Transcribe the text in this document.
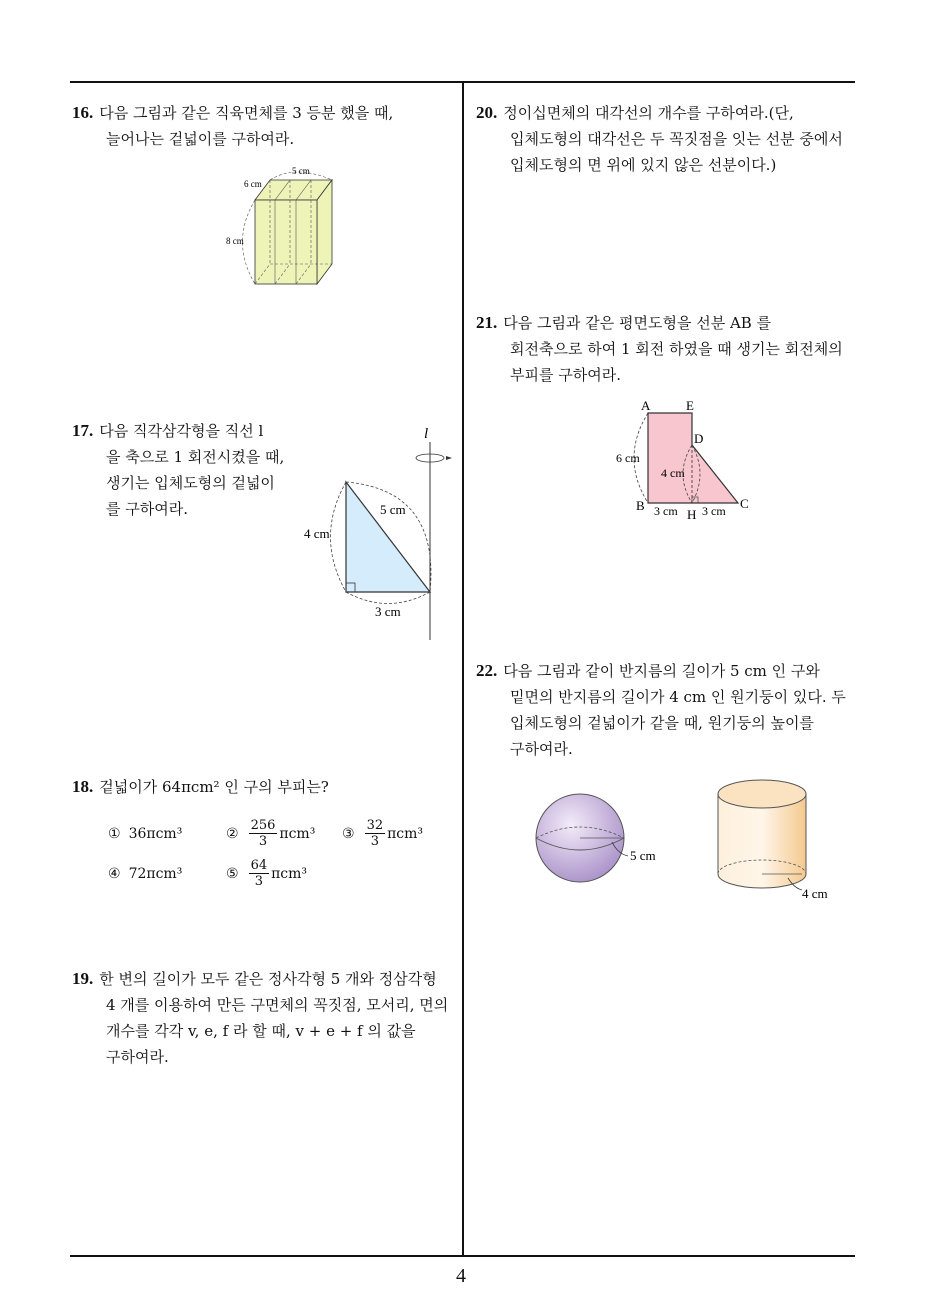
4
16. 다음 그림과 같은 직육면체를 3 등분 했을 때,
늘어나는 겉넓이를 구하여라.
5 cm
6 cm
8 cm
17. 다음 직각삼각형을 직선 l
을 축으로 1 회전시켰을 때,
생기는 입체도형의 겉넓이
를 구하여라.
l
5 cm
4 cm
3 cm
18. 겉넓이가 64πcm² 인 구의 부피는?
① 36πcm³	② $\frac{256}{3} \pi cm^3$ ③ $\frac{32}{3} \pi cm^3$
④ 72πcm³	⑤ $\frac{64}{3} \pi cm^3$
19. 한 변의 길이가 모두 같은 정사각형 5 개와 정삼각형
4 개를 이용하여 만든 구면체의 꼭짓점, 모서리, 면의
개수를 각각 v, e, f 라 할 때, v + e + f 의 값을
구하여라.
20. 정이십면체의 대각선의 개수를 구하여라.(단,
입체도형의 대각선은 두 꼭짓점을 잇는 선분 중에서
입체도형의 면 위에 있지 않은 선분이다.)
21. 다음 그림과 같은 평면도형을 선분 AB 를
회전축으로 하여 1 회전 하였을 때 생기는 회전체의
부피를 구하여라.
A	E
D
B
H
C
6 cm
4 cm
3 cm 3 cm
22. 다음 그림과 같이 반지름의 길이가 5 cm 인 구와
밑면의 반지름의 길이가 4 cm 인 원기둥이 있다. 두
입체도형의 겉넓이가 같을 때, 원기둥의 높이를
구하여라.
5 cm
4 cm
